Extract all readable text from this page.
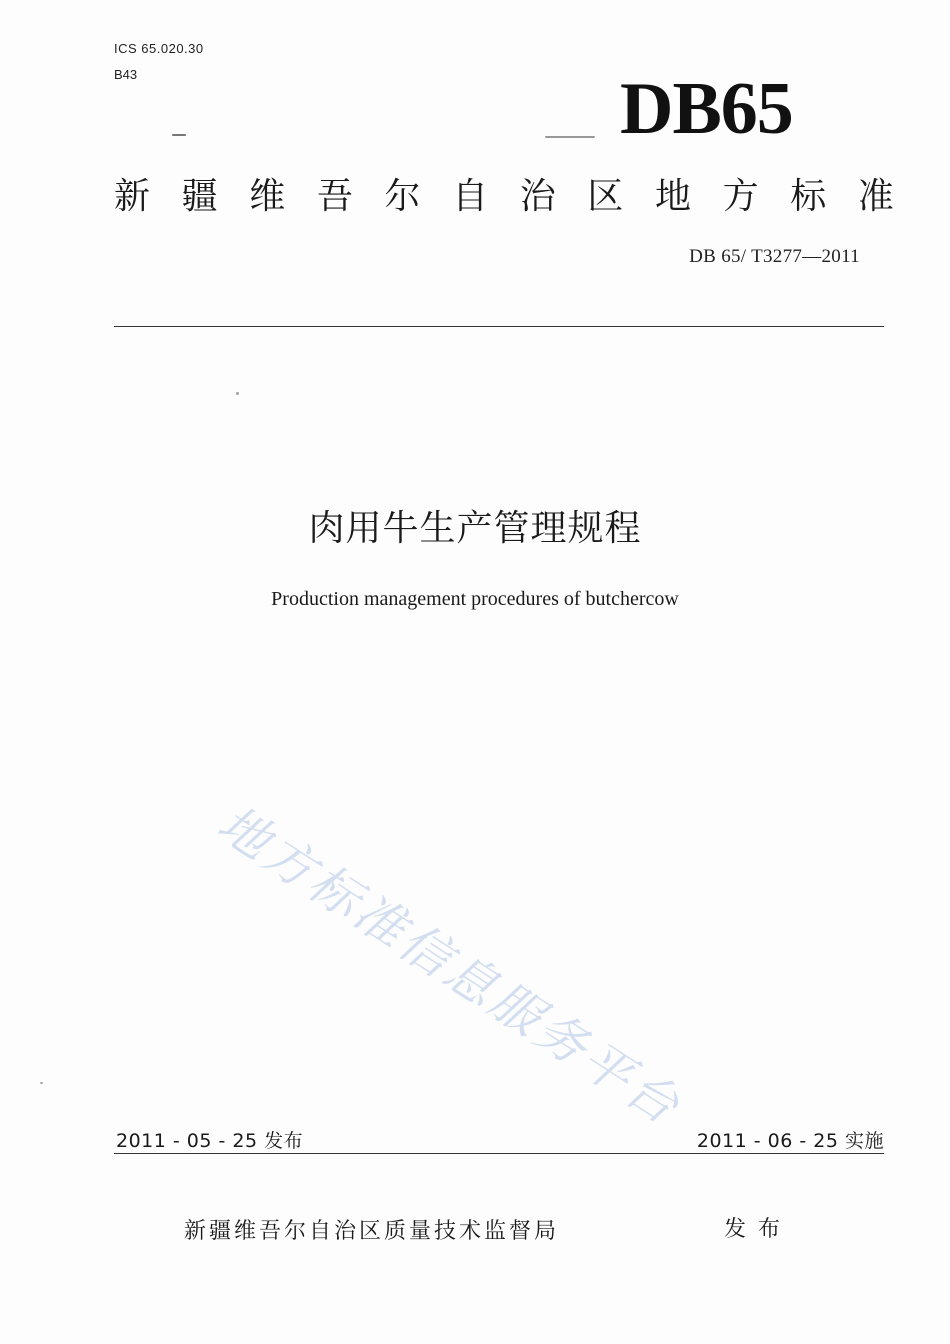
ICS 65.020.30
B43	DB65
新 疆 维 吾 尔 自 治 区 地 方 标 准
DB 65/ T3277—2011
肉用牛生产管理规程
Production management procedures of butchercow
地方标准信息服务平台
2011 - 05 - 25 发布	2011 - 06 - 25 实施
新疆维吾尔自治区质量技术监督局	发布
